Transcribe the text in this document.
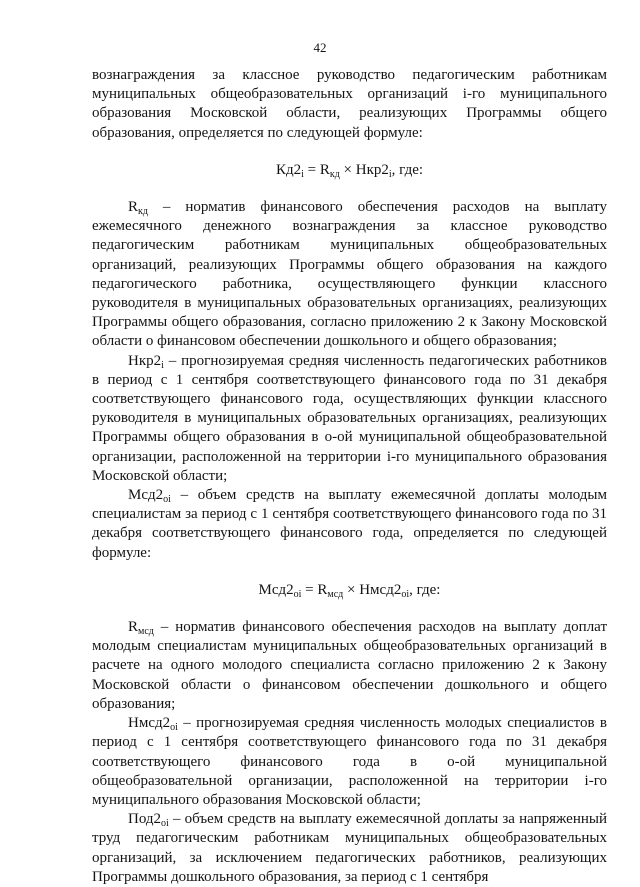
42

вознаграждения за классное руководство педагогическим работникам муниципальных общеобразовательных организаций i-го муниципального образования Московской области, реализующих Программы общего образования, определяется по следующей формуле:

$Кд2_i = R_{кд} \times Нкр2_i$, где:

$R_{кд}$ – норматив финансового обеспечения расходов на выплату ежемесячного денежного вознаграждения за классное руководство педагогическим работникам муниципальных общеобразовательных организаций, реализующих Программы общего образования на каждого педагогического работника, осуществляющего функции классного руководителя в муниципальных образовательных организациях, реализующих Программы общего образования, согласно приложению 2 к Закону Московской области о финансовом обеспечении дошкольного и общего образования;

$Нкр2_i$ – прогнозируемая средняя численность педагогических работников в период с 1 сентября соответствующего финансового года по 31 декабря соответствующего финансового года, осуществляющих функции классного руководителя в муниципальных образовательных организациях, реализующих Программы общего образования в о-ой муниципальной общеобразовательной организации, расположенной на территории i-го муниципального образования Московской области;

$Мсд2_{oi}$ – объем средств на выплату ежемесячной доплаты молодым специалистам за период с 1 сентября соответствующего финансового года по 31 декабря соответствующего финансового года, определяется по следующей формуле:

$Мсд2_{oi} = R_{мсд}$ × $Нмсд2_{oi}$, где:

$R_{мсд}$ – норматив финансового обеспечения расходов на выплату доплат молодым специалистам муниципальных общеобразовательных организаций в расчете на одного молодого специалиста согласно приложению 2 к Закону Московской области о финансовом обеспечении дошкольного и общего образования;

$Нмсд2_{oi}$ – прогнозируемая средняя численность молодых специалистов в период с 1 сентября соответствующего финансового года по 31 декабря соответствующего финансового года в о-ой муниципальной общеобразовательной организации, расположенной на территории i-го муниципального образования Московской области;

$Под2_{oi}$ – объем средств на выплату ежемесячной доплаты за напряженный труд педагогическим работникам муниципальных общеобразовательных организаций, за исключением педагогических работников, реализующих Программы дошкольного образования, за период с 1 сентября
